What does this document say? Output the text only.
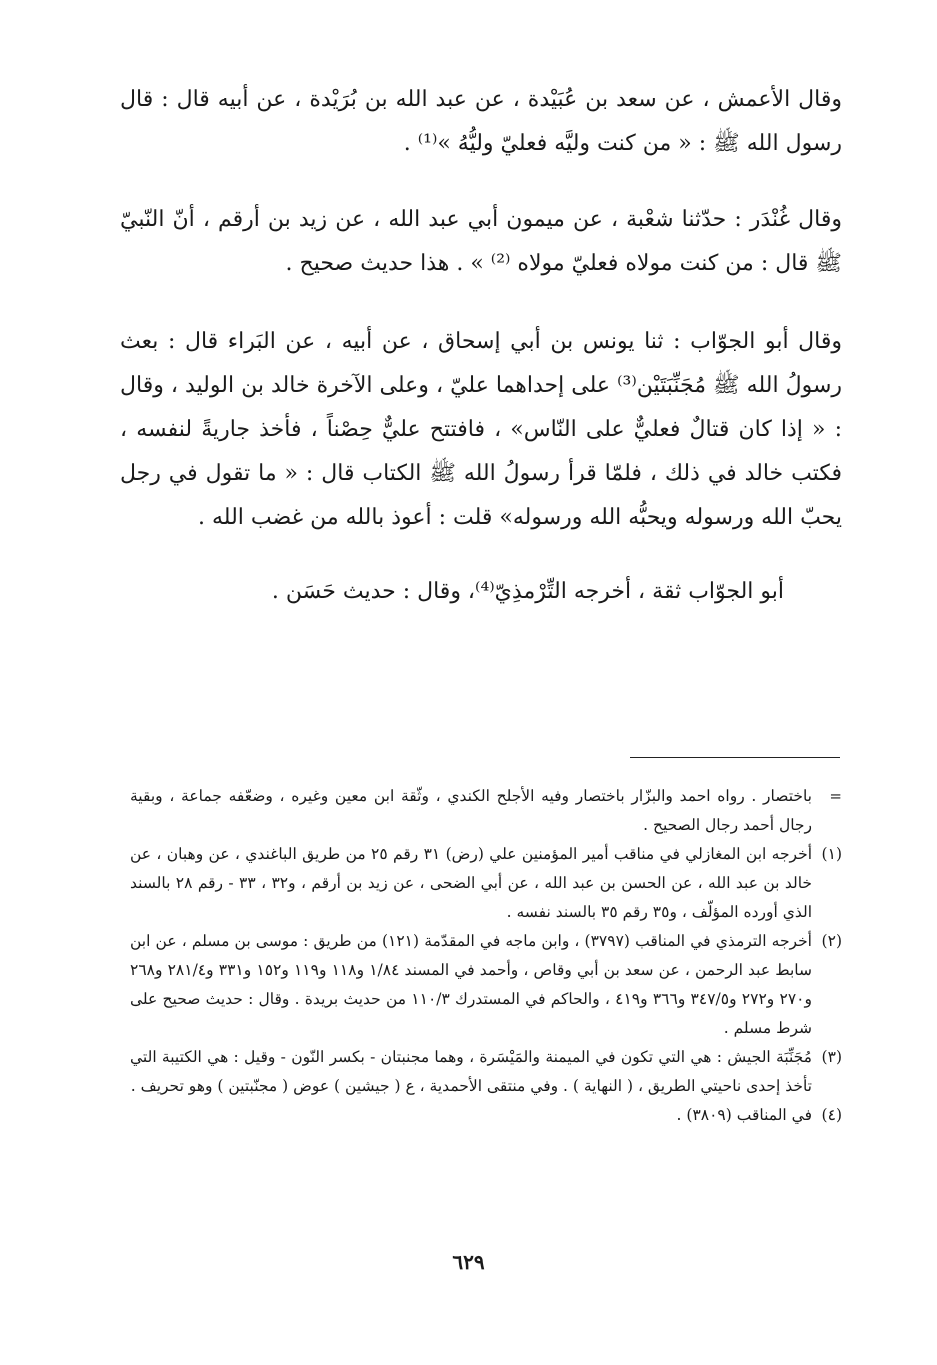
وقال الأعمش ، عن سعد بن عُبَيْدة ، عن عبد الله بن بُرَيْدة ، عن أبيه قال : قال رسول الله ﷺ : « من كنت وليَّه فعليّ وليُّهُ »⁽¹⁾ .

وقال غُنْدَر : حدّثنا شعْبة ، عن ميمون أبي عبد الله ، عن زيد بن أرقم ، أنّ النّبيّ ﷺ قال : من كنت مولاه فعليّ مولاه ⁽²⁾ » . هذا حديث صحيح .

وقال أبو الجوّاب : ثنا يونس بن أبي إسحاق ، عن أبيه ، عن البَراء قال : بعث رسولُ الله ﷺ مُجَنِّبَتَيْن⁽³⁾ على إحداهما عليّ ، وعلى الآخرة خالد بن الوليد ، وقال : « إذا كان قتالٌ فعليٌّ على النّاس» ، فافتتح عليٌّ حِصْناً ، فأخذ جاريةً لنفسه ، فكتب خالد في ذلك ، فلمّا قرأ رسولُ الله ﷺ الكتاب قال : « ما تقول في رجل يحبّ الله ورسوله ويحبُّه الله ورسوله» قلت : أعوذ بالله من غضب الله .

أبو الجوّاب ثقة ، أخرجه التِّرْمذِيّ⁽⁴⁾، وقال : حديث حَسَن .

=
باختصار . رواه احمد والبزّار باختصار وفيه الأجلح الكندي ، وثّقة ابن معين وغيره ، وضعّفه جماعة ، وبقية رجال أحمد رجال الصحيح .

(١)
أخرجه ابن المغازلي في مناقب أمير المؤمنين علي (رض) ٣١ رقم ٢٥ من طريق الباغندي ، عن وهبان ، عن خالد بن عبد الله ، عن الحسن بن عبد الله ، عن أبي الضحى ، عن زيد بن أرقم ، و٣٢ ، ٣٣ - رقم ٢٨ بالسند الذي أورده المؤلّف ، و٣٥ رقم ٣٥ بالسند نفسه .

(٢)
أخرجه الترمذي في المناقب (٣٧٩٧) ، وابن ماجه في المقدّمة (١٢١) من طريق : موسى بن مسلم ، عن ابن سابط عبد الرحمن ، عن سعد بن أبي وقاص ، وأحمد في المسند ١/٨٤ و١١٨ و١١٩ و١٥٢ و٣٣١ و٢٨١/٤ و٢٦٨ و٢٧٠ و٢٧٢ و٣٤٧/٥ و٣٦٦ و٤١٩ ، والحاكم في المستدرك ١١٠/٣ من حديث بريدة . وقال : حديث صحيح على شرط مسلم .

(٣)
مُجَنِّبَة الجيش : هي التي تكون في الميمنة والمَيْسَرة ، وهما مجنبتان - بكسر النّون - وقيل : هي الكتيبة التي تأخذ إحدى ناحيتي الطريق ، ( النهاية ) . وفي منتقى الأحمدية ، ع ( جيشين ) عوض ( مجنّبتين ) وهو تحريف .

(٤)
في المناقب (٣٨٠٩) .

٦٢٩
